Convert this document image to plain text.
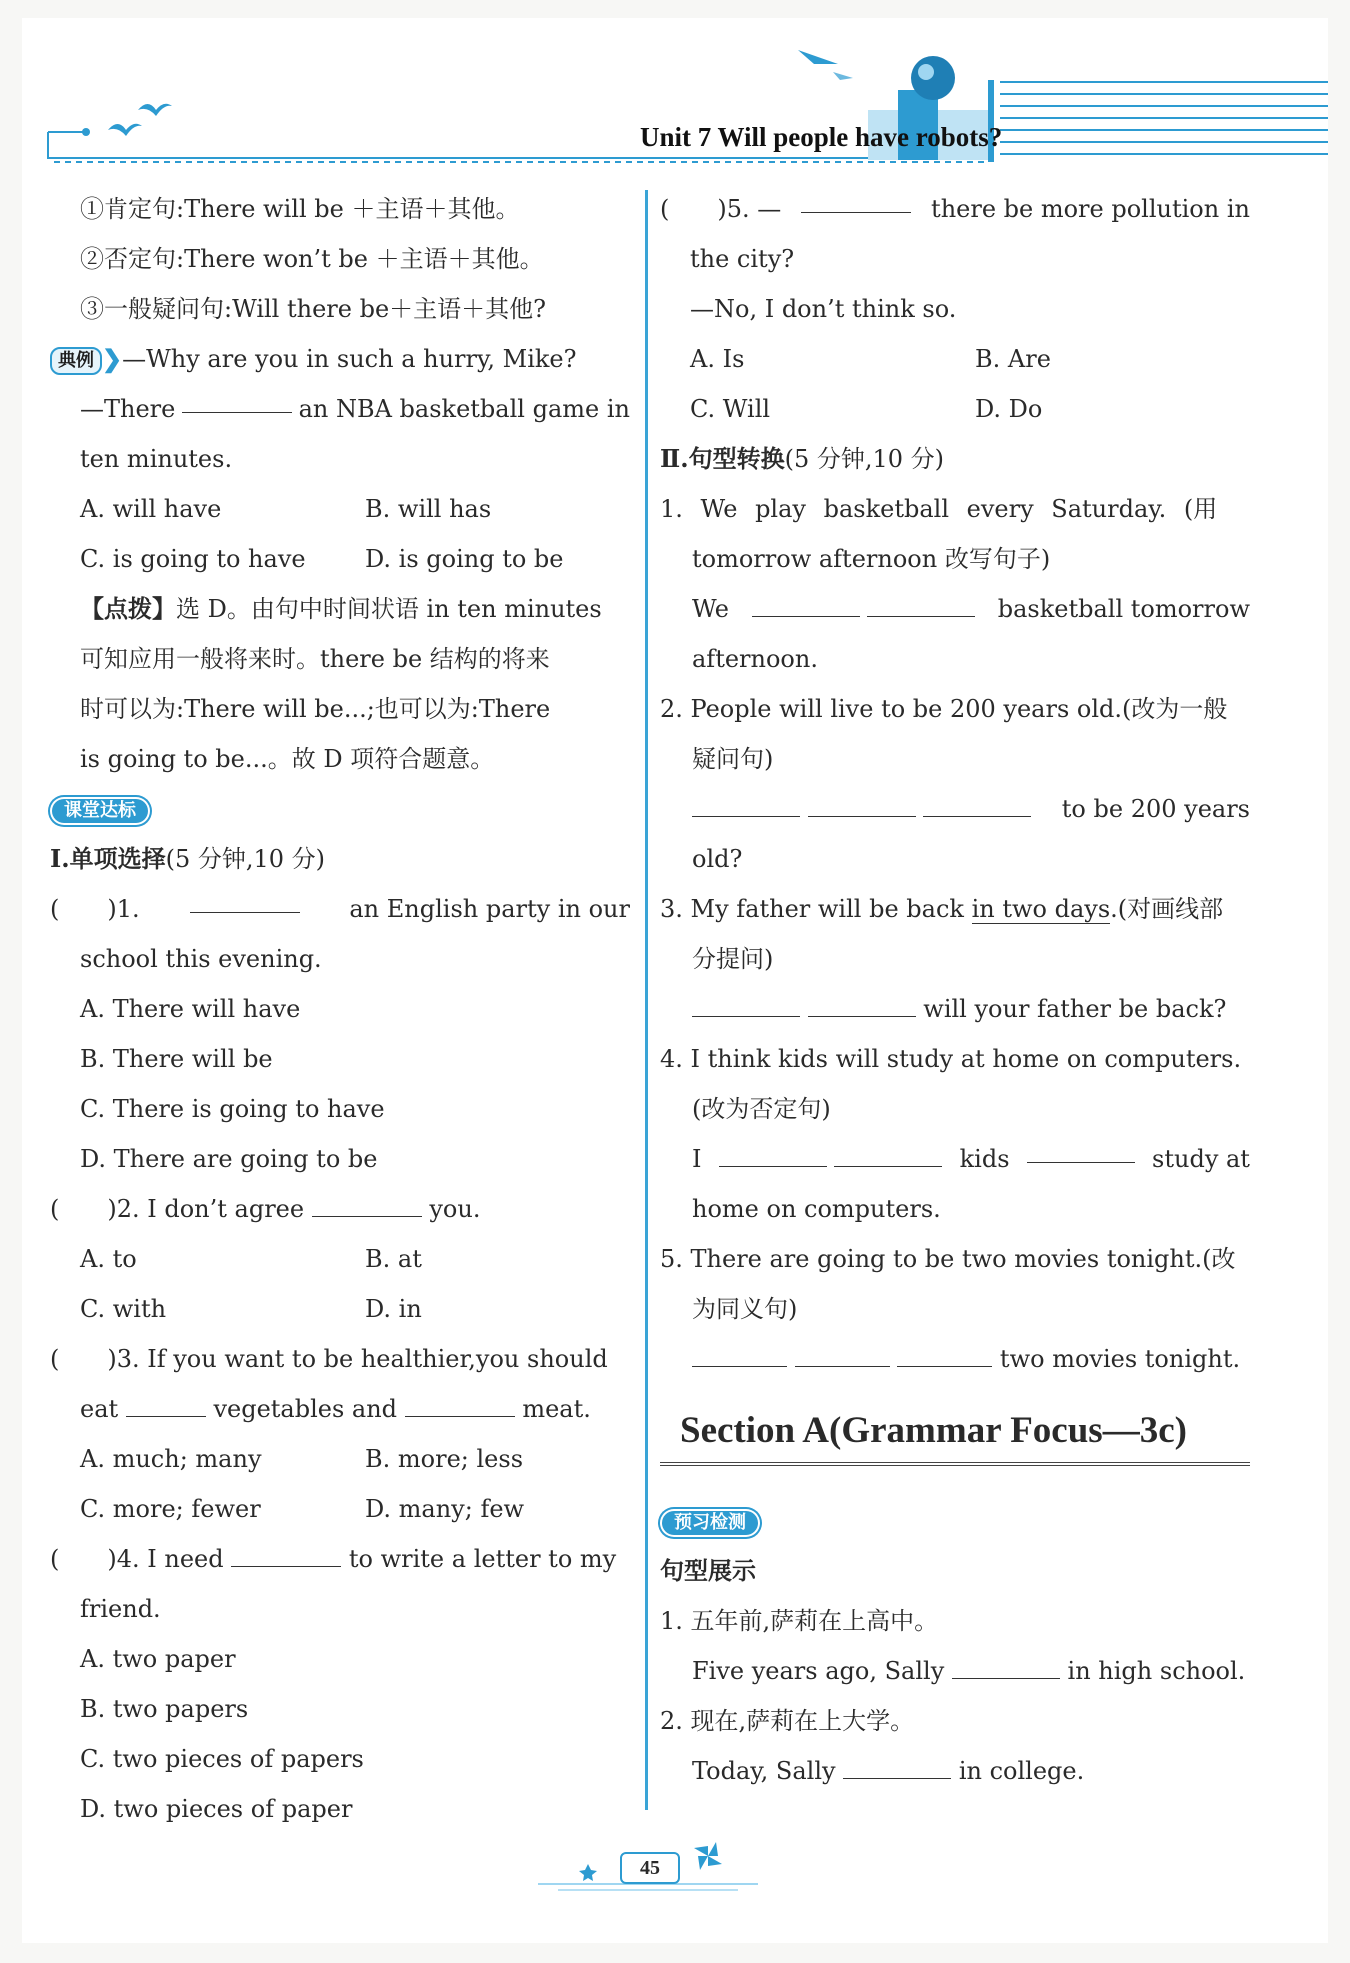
Unit 7 Will people have robots?
①肯定句:There will be ＋主语＋其他。
②否定句:There won’t be ＋主语＋其他。
③一般疑问句:Will there be＋主语＋其他?
典例 ❯—Why are you in such a hurry, Mike?
—There	an NBA basketball game in
ten minutes.
A. will have	B. will has
C. is going to have	D. is going to be
【点拨】选 D。由句中时间状语 in ten minutes
可知应用一般将来时。there be 结构的将来
时可以为:There will be...;也可以为:There
is going to be...。故 D 项符合题意。
课堂达标
Ⅰ.单项选择(5 分钟,10 分)
(　　)1.	an English party in our
school this evening.
A. There will have
B. There will be
C. There is going to have
D. There are going to be
(　　)2. I don’t agree	you.
A. to	B. at
C. with	D. in
(　　)3. If you want to be healthier,you should
eat	vegetables and	meat.
A. much; many	B. more; less
C. more; fewer	D. many; few
(　　)4. I need	to write a letter to my
friend.
A. two paper
B. two papers
C. two pieces of papers
D. two pieces of paper
(　　)5. —	there be more pollution in
the city?
—No, I don’t think so.
A. Is	B. Are
C. Will	D. Do
Ⅱ.句型转换(5 分钟,10 分)
1. We play basketball every Saturday. (用
tomorrow afternoon 改写句子)
We
	basketball tomorrow
afternoon.
2. People will live to be 200 years old.(改为一般
疑问句)

to be 200 years
old?
3. My father will be back in two days.(对画线部
分提问)
will your father be back?
4. I think kids will study at home on computers.
(改为否定句)
I
	kids	study at
home on computers.
5. There are going to be two movies tonight.(改
为同义句)
two movies tonight.
Section A(Grammar Focus—3c)
预习检测
句型展示
1. 五年前,萨莉在上高中。
Five years ago, Sally	in high school.
2. 现在,萨莉在上大学。
Today, Sally	in college.
45
